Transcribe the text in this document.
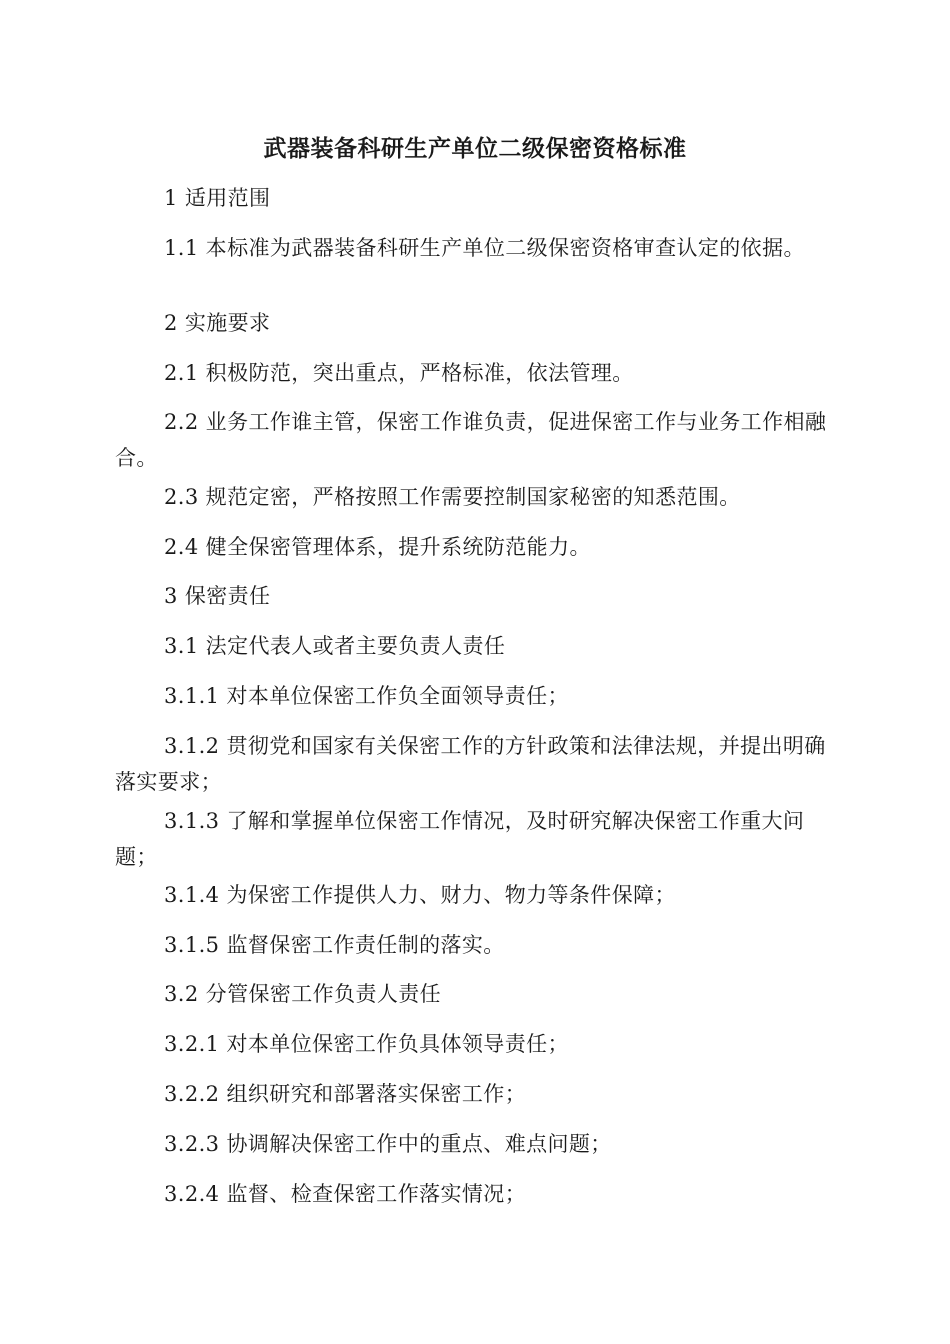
武器装备科研生产单位二级保密资格标准
1 适用范围
1.1 本标准为武器装备科研生产单位二级保密资格审查认定的依据。
2 实施要求
2.1 积极防范，突出重点，严格标准，依法管理。
2.2 业务工作谁主管，保密工作谁负责，促进保密工作与业务工作相融合。
2.3 规范定密，严格按照工作需要控制国家秘密的知悉范围。
2.4 健全保密管理体系，提升系统防范能力。
3 保密责任
3.1 法定代表人或者主要负责人责任
3.1.1 对本单位保密工作负全面领导责任；
3.1.2 贯彻党和国家有关保密工作的方针政策和法律法规，并提出明确落实要求；
3.1.3 了解和掌握单位保密工作情况，及时研究解决保密工作重大问题；
3.1.4 为保密工作提供人力、财力、物力等条件保障；
3.1.5 监督保密工作责任制的落实。
3.2 分管保密工作负责人责任
3.2.1 对本单位保密工作负具体领导责任；
3.2.2 组织研究和部署落实保密工作；
3.2.3 协调解决保密工作中的重点、难点问题；
3.2.4 监督、检查保密工作落实情况；
